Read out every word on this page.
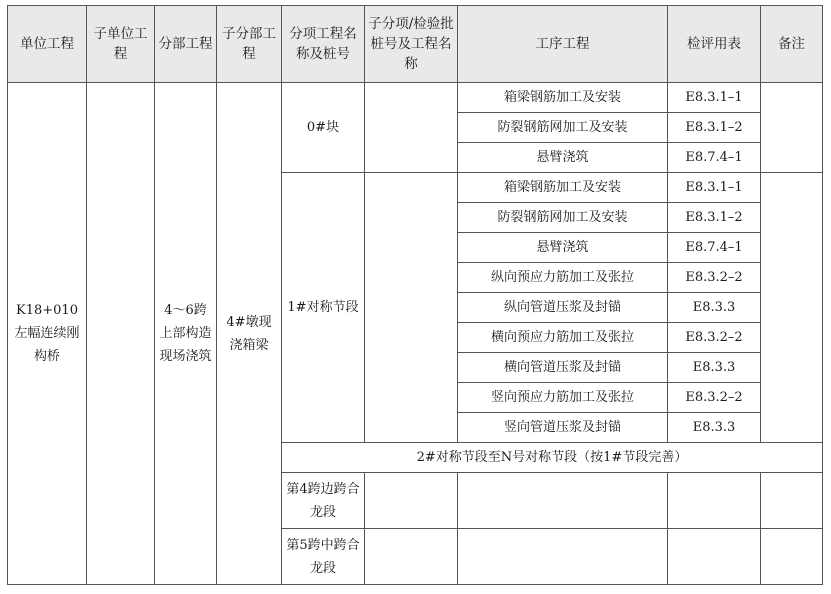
单位工程	子单位工程	分部工程	子分部工程	分项工程名称及桩号	子分项/检验批桩号及工程名称	工序工程	检评用表	备注
K18+010左幅连续刚构桥		4～6跨上部构造现场浇筑	4#墩现浇箱梁	0#块		箱梁钢筋加工及安装	E8.3.1–1	
						防裂钢筋网加工及安装	E8.3.1–2	
						悬臂浇筑	E8.7.4–1	
				1#对称节段		箱梁钢筋加工及安装	E8.3.1–1	
						防裂钢筋网加工及安装	E8.3.1–2	
						悬臂浇筑	E8.7.4–1	
						纵向预应力筋加工及张拉	E8.3.2–2	
						纵向管道压浆及封锚	E8.3.3	
						横向预应力筋加工及张拉	E8.3.2–2	
						横向管道压浆及封锚	E8.3.3	
						竖向预应力筋加工及张拉	E8.3.2–2	
						竖向管道压浆及封锚	E8.3.3	
				2#对称节段至N号对称节段（按1#节段完善）				
				第4跨边跨合龙段				
				第5跨中跨合龙段				
